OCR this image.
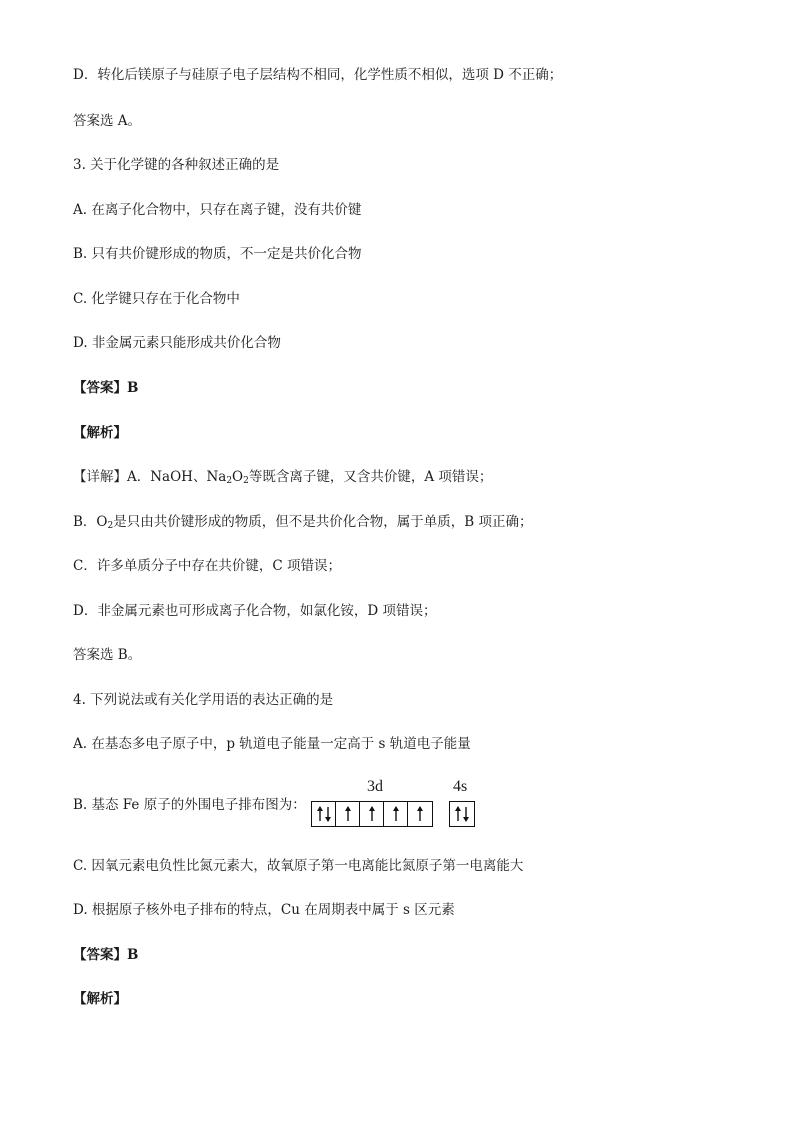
D．转化后镁原子与硅原子电子层结构不相同，化学性质不相似，选项 D 不正确；
答案选 A。
3. 关于化学键的各种叙述正确的是
A. 在离子化合物中，只存在离子键，没有共价键
B. 只有共价键形成的物质，不一定是共价化合物
C. 化学键只存在于化合物中
D. 非金属元素只能形成共价化合物
【答案】B
【解析】
【详解】A．NaOH、$Na_2O_2$等既含离子键，又含共价键，A 项错误；
B．$O_2$是只由共价键形成的物质，但不是共价化合物，属于单质，B 项正确；
C．许多单质分子中存在共价键，C 项错误；
D．非金属元素也可形成离子化合物，如氯化铵，D 项错误；
答案选 B。
4. 下列说法或有关化学用语的表达正确的是
A. 在基态多电子原子中，p 轨道电子能量一定高于 s 轨道电子能量
B. 基态 Fe 原子的外围电子排布图为：
3d	4s
C. 因氧元素电负性比氮元素大，故氧原子第一电离能比氮原子第一电离能大
D. 根据原子核外电子排布的特点，Cu 在周期表中属于 s 区元素
【答案】B
【解析】
